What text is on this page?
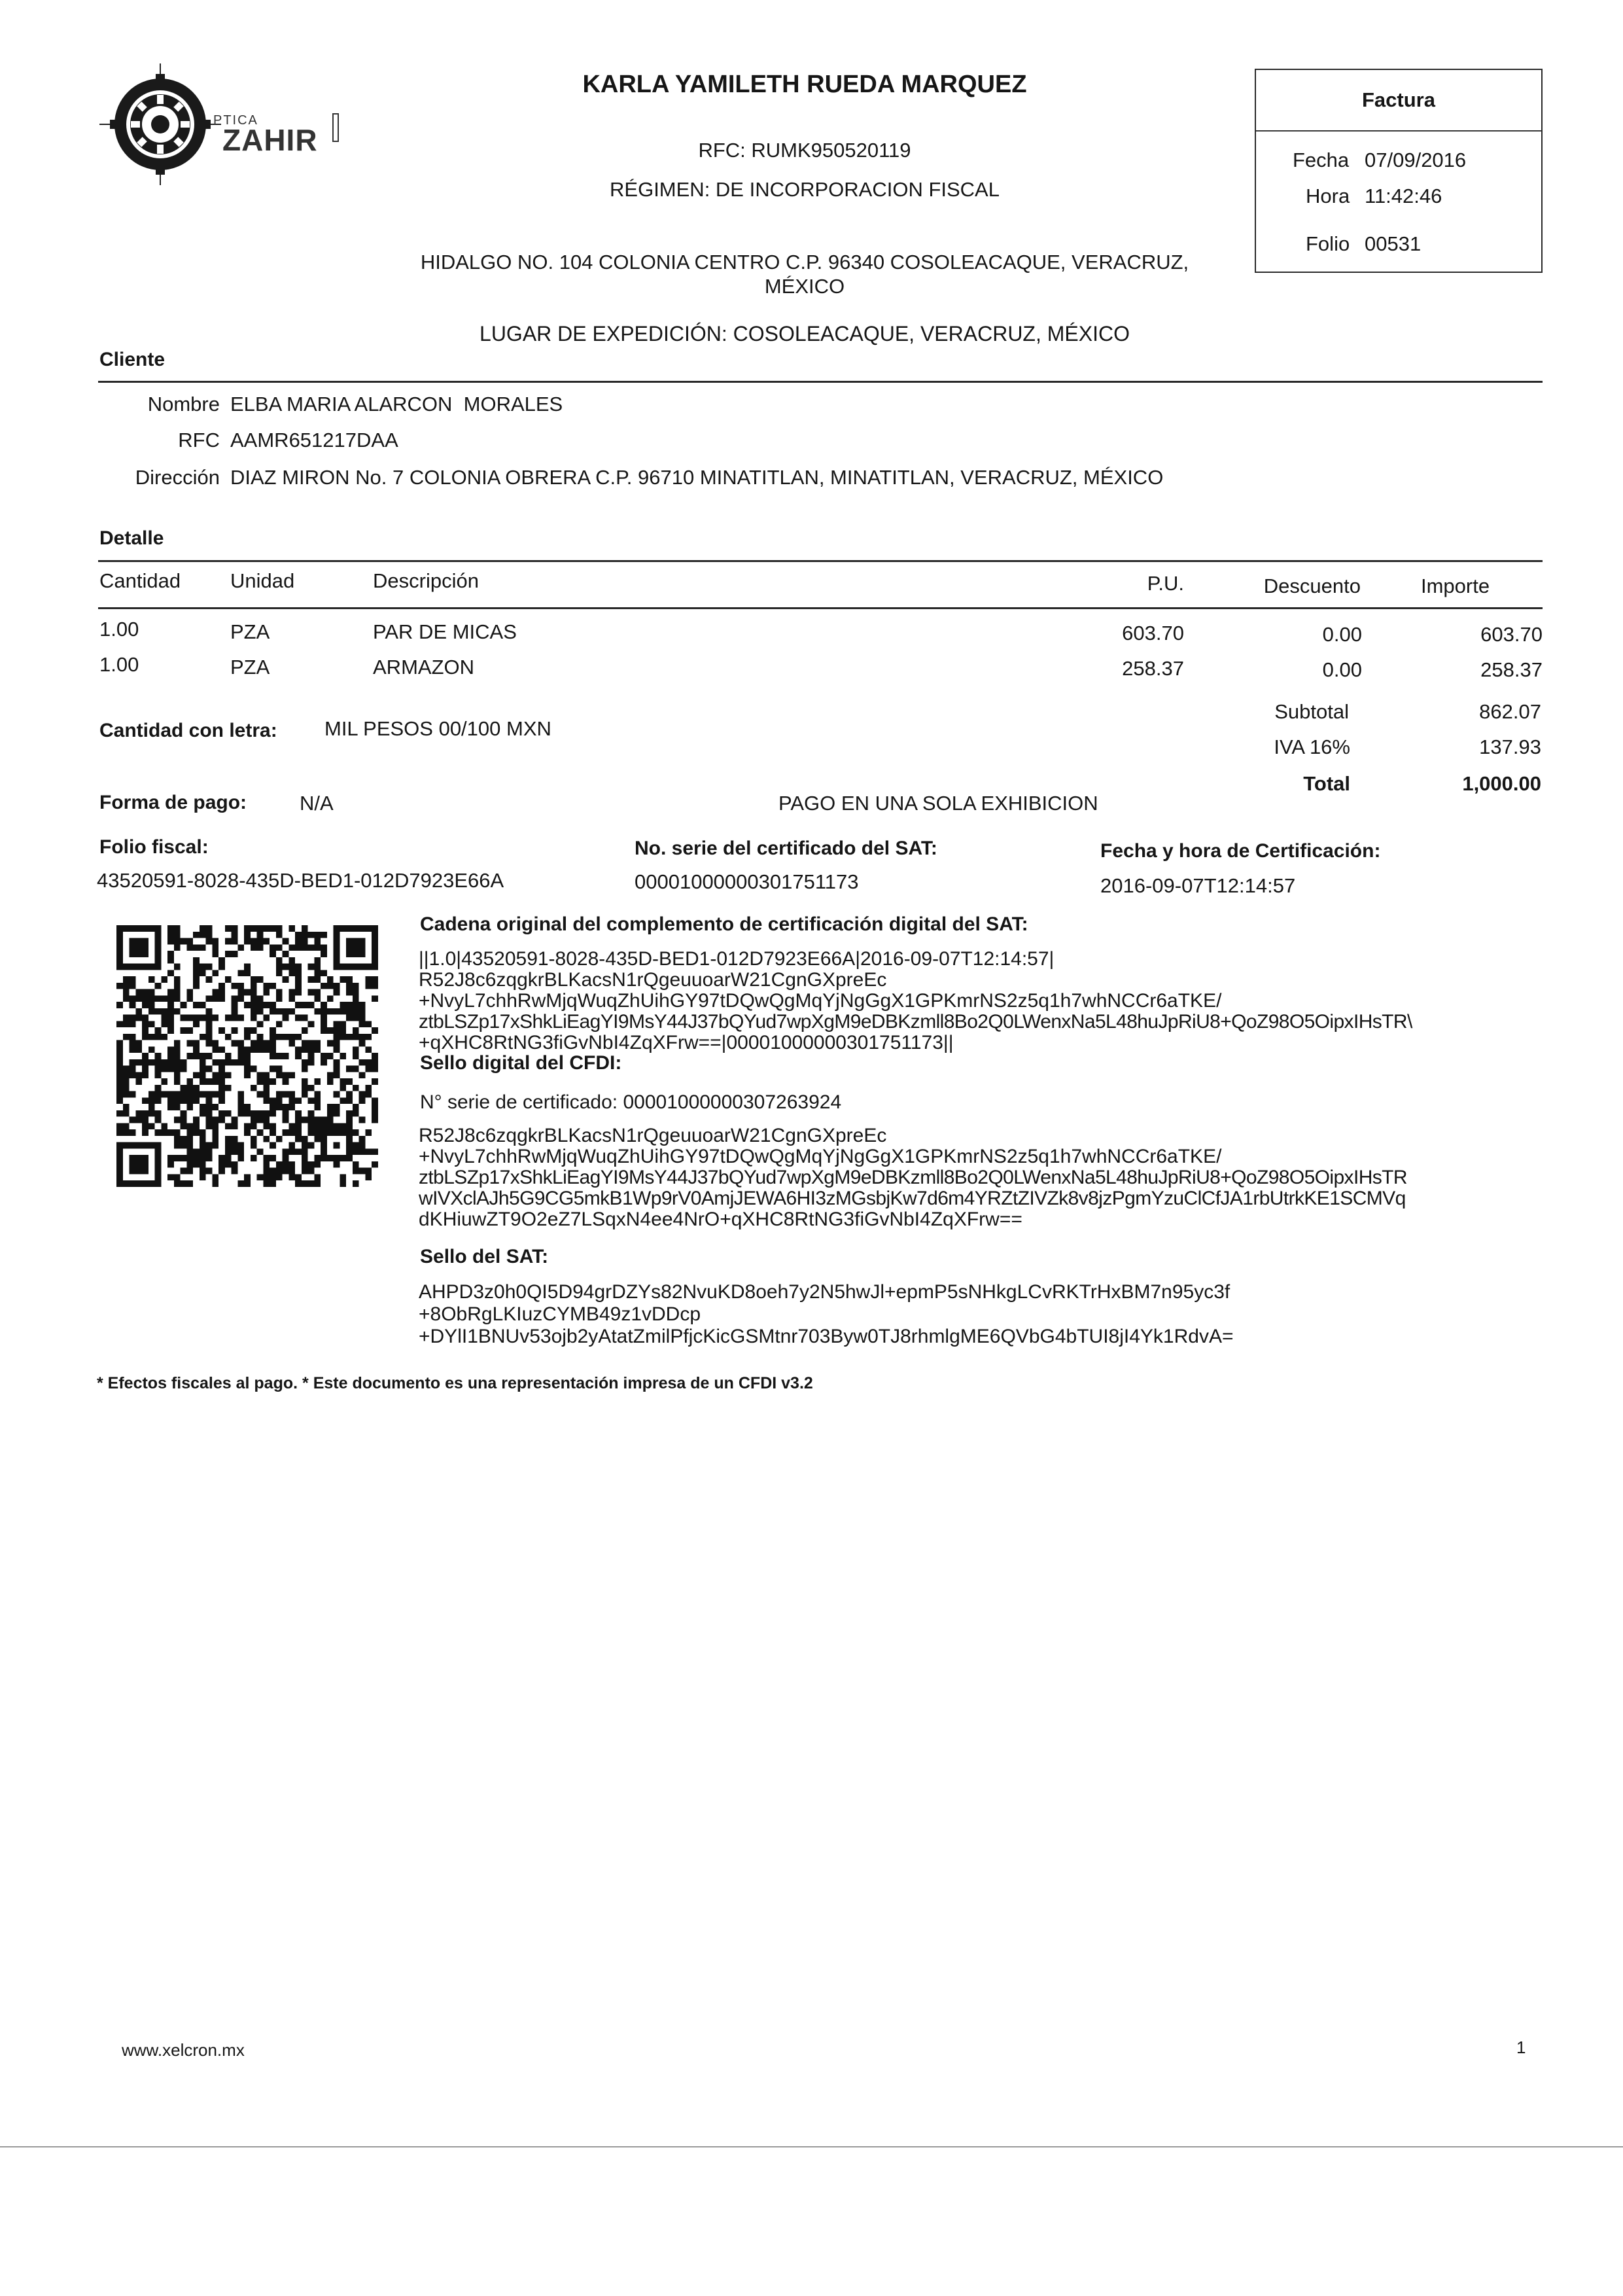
PTICA
ZAHIR
KARLA YAMILETH RUEDA MARQUEZ
RFC: RUMK950520119
RÉGIMEN: DE INCORPORACION FISCAL
HIDALGO NO. 104 COLONIA CENTRO C.P. 96340 COSOLEACAQUE, VERACRUZ,
MÉXICO
LUGAR DE EXPEDICIÓN: COSOLEACAQUE, VERACRUZ, MÉXICO
Factura
Fecha 07/09/2016
Hora 11:42:46
Folio 00531
Cliente
Nombre ELBA MARIA ALARCON  MORALES
RFC AAMR651217DAA
Dirección DIAZ MIRON No. 7 COLONIA OBRERA C.P. 96710 MINATITLAN, MINATITLAN, VERACRUZ, MÉXICO
Detalle
Cantidad Unidad	Descripción	P.U.	Descuento	Importe
1.00	PZA	PAR DE MICAS	603.70	0.00	603.70
1.00	PZA	ARMAZON	258.37	0.00	258.37
Cantidad con letra: MIL PESOS 00/100 MXN
Subtotal	862.07
IVA 16%	137.93
Total	1,000.00
Forma de pago:	N/A	PAGO EN UNA SOLA EXHIBICION
Folio fiscal:
43520591-8028-435D-BED1-012D7923E66A
No. serie del certificado del SAT:
00001000000301751173
Fecha y hora de Certificación:
2016-09-07T12:14:57
Cadena original del complemento de certificación digital del SAT:
||1.0|43520591-8028-435D-BED1-012D7923E66A|2016-09-07T12:14:57|
R52J8c6zqgkrBLKacsN1rQgeuuoarW21CgnGXpreEc
+NvyL7chhRwMjqWuqZhUihGY97tDQwQgMqYjNgGgX1GPKmrNS2z5q1h7whNCCr6aTKE/
ztbLSZp17xShkLiEagYI9MsY44J37bQYud7wpXgM9eDBKzmll8Bo2Q0LWenxNa5L48huJpRiU8+QoZ98O5OipxIHsTR\
+qXHC8RtNG3fiGvNbI4ZqXFrw==|00001000000301751173||
Sello digital del CFDI:
N° serie de certificado: 00001000000307263924
R52J8c6zqgkrBLKacsN1rQgeuuoarW21CgnGXpreEc
+NvyL7chhRwMjqWuqZhUihGY97tDQwQgMqYjNgGgX1GPKmrNS2z5q1h7whNCCr6aTKE/
ztbLSZp17xShkLiEagYI9MsY44J37bQYud7wpXgM9eDBKzmll8Bo2Q0LWenxNa5L48huJpRiU8+QoZ98O5OipxIHsTR
wIVXclAJh5G9CG5mkB1Wp9rV0AmjJEWA6HI3zMGsbjKw7d6m4YRZtZIVZk8v8jzPgmYzuClCfJA1rbUtrkKE1SCMVq
dKHiuwZT9O2eZ7LSqxN4ee4NrO+qXHC8RtNG3fiGvNbI4ZqXFrw==
Sello del SAT:
AHPD3z0h0QI5D94grDZYs82NvuKD8oeh7y2N5hwJl+epmP5sNHkgLCvRKTrHxBM7n95yc3f
+8ObRgLKIuzCYMB49z1vDDcp
+DYlI1BNUv53ojb2yAtatZmilPfjcKicGSMtnr703Byw0TJ8rhmlgME6QVbG4bTUI8jI4Yk1RdvA=
* Efectos fiscales al pago. * Este documento es una representación impresa de un CFDI v3.2
www.xelcron.mx	1
